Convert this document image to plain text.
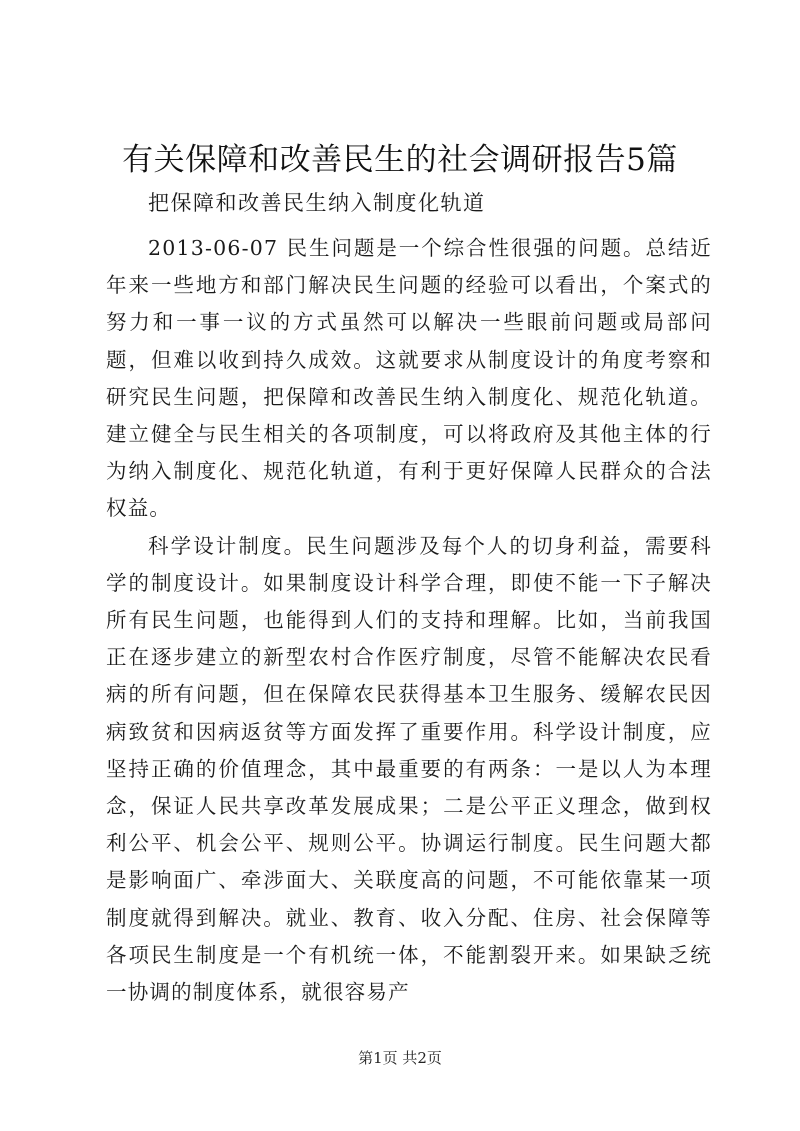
有关保障和改善民生的社会调研报告5篇
把保障和改善民生纳入制度化轨道

2013-06-07 民生问题是一个综合性很强的问题。总结近年来一些地方和部门解决民生问题的经验可以看出，个案式的努力和一事一议的方式虽然可以解决一些眼前问题或局部问题，但难以收到持久成效。这就要求从制度设计的角度考察和研究民生问题，把保障和改善民生纳入制度化、规范化轨道。建立健全与民生相关的各项制度，可以将政府及其他主体的行为纳入制度化、规范化轨道，有利于更好保障人民群众的合法权益。

科学设计制度。民生问题涉及每个人的切身利益，需要科学的制度设计。如果制度设计科学合理，即使不能一下子解决所有民生问题，也能得到人们的支持和理解。比如，当前我国正在逐步建立的新型农村合作医疗制度，尽管不能解决农民看病的所有问题，但在保障农民获得基本卫生服务、缓解农民因病致贫和因病返贫等方面发挥了重要作用。科学设计制度，应坚持正确的价值理念，其中最重要的有两条：一是以人为本理念，保证人民共享改革发展成果；二是公平正义理念，做到权利公平、机会公平、规则公平。协调运行制度。民生问题大都是影响面广、牵涉面大、关联度高的问题，不可能依靠某一项制度就得到解决。就业、教育、收入分配、住房、社会保障等各项民生制度是一个有机统一体，不能割裂开来。如果缺乏统一协调的制度体系，就很容易产

第1页 共2页
